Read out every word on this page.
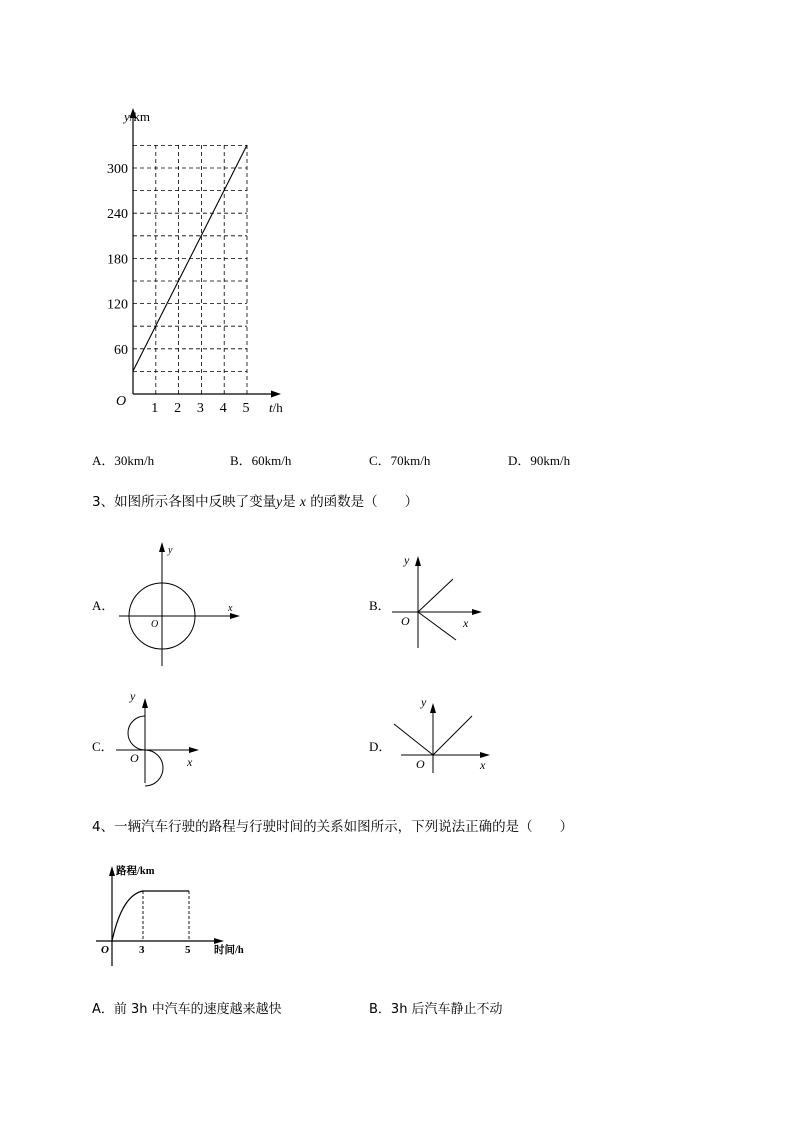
y/km
t/h
O
60
120
180
240
300
1 2 3 4 5
A．30km/h	B．60km/h	C．70km/h	D．90km/h
3、如图所示各图中反映了变量y是 x 的函数是（　　）
A．	B．
C．	D．
y
x
O
y
x
O
y
x
O
y
x
O
4、一辆汽车行驶的路程与行驶时间的关系如图所示，下列说法正确的是（　　）
路程/km
时间/h
O	3	5
A．前 3h 中汽车的速度越来越快	B．3h 后汽车静止不动
